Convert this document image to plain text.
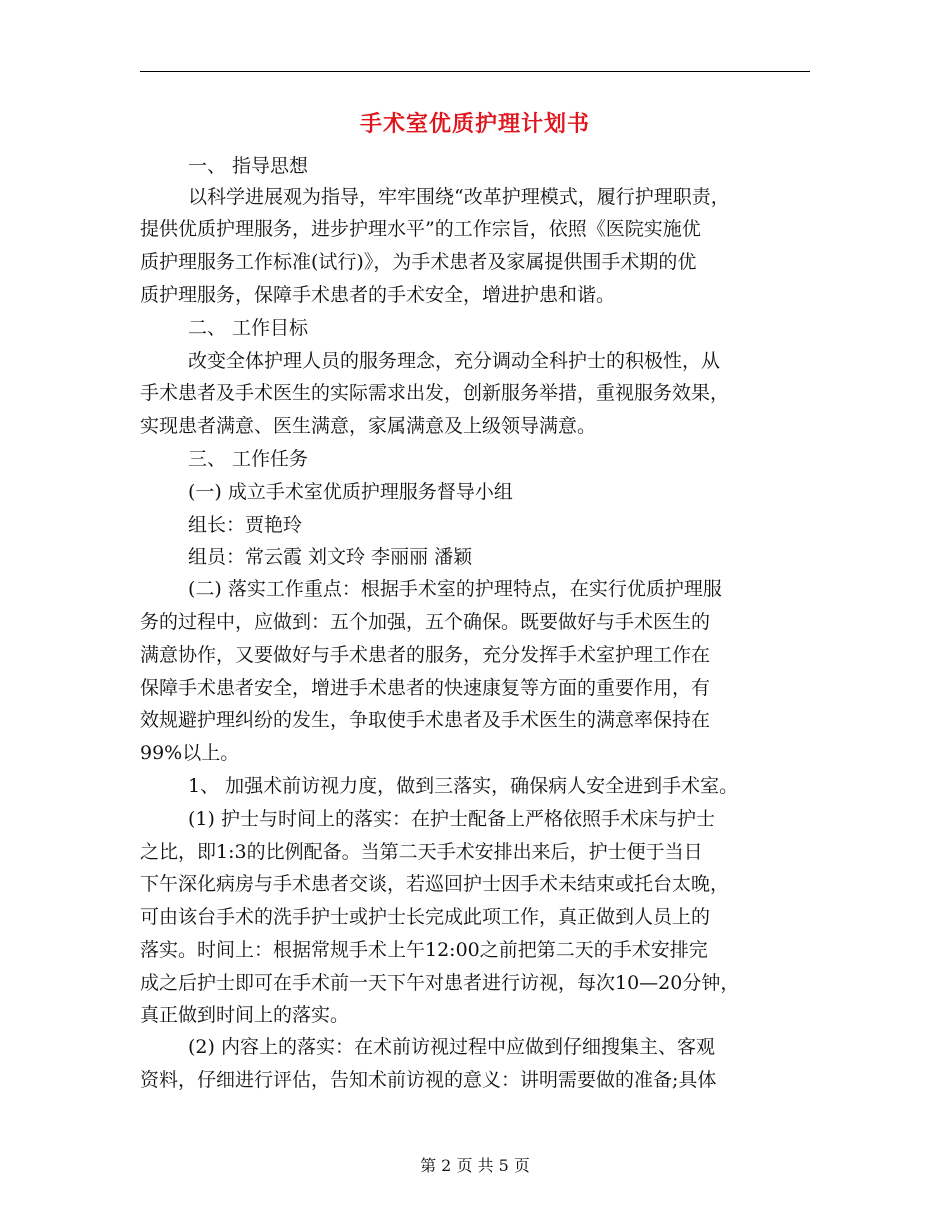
手术室优质护理计划书
一、 指导思想
以科学进展观为指导，牢牢围绕“改革护理模式，履行护理职责，
提供优质护理服务，进步护理水平”的工作宗旨，依照《医院实施优
质护理服务工作标准(试行)》，为手术患者及家属提供围手术期的优
质护理服务，保障手术患者的手术安全，增进护患和谐。
二、 工作目标
改变全体护理人员的服务理念，充分调动全科护士的积极性，从
手术患者及手术医生的实际需求出发，创新服务举措，重视服务效果，
实现患者满意、医生满意，家属满意及上级领导满意。
三、 工作任务
(一) 成立手术室优质护理服务督导小组
组长：贾艳玲
组员：常云霞 刘文玲 李丽丽 潘颖
(二) 落实工作重点：根据手术室的护理特点，在实行优质护理服
务的过程中，应做到：五个加强，五个确保。既要做好与手术医生的
满意协作，又要做好与手术患者的服务，充分发挥手术室护理工作在
保障手术患者安全，增进手术患者的快速康复等方面的重要作用，有
效规避护理纠纷的发生，争取使手术患者及手术医生的满意率保持在
99%以上。
1、 加强术前访视力度，做到三落实，确保病人安全进到手术室。
(1) 护士与时间上的落实：在护士配备上严格依照手术床与护士
之比，即1:3的比例配备。当第二天手术安排出来后，护士便于当日
下午深化病房与手术患者交谈，若巡回护士因手术未结束或托台太晚，
可由该台手术的洗手护士或护士长完成此项工作，真正做到人员上的
落实。时间上：根据常规手术上午12:00之前把第二天的手术安排完
成之后护士即可在手术前一天下午对患者进行访视，每次10—20分钟，
真正做到时间上的落实。
(2) 内容上的落实：在术前访视过程中应做到仔细搜集主、客观
资料，仔细进行评估，告知术前访视的意义：讲明需要做的准备;具体
第 2 页 共 5 页
